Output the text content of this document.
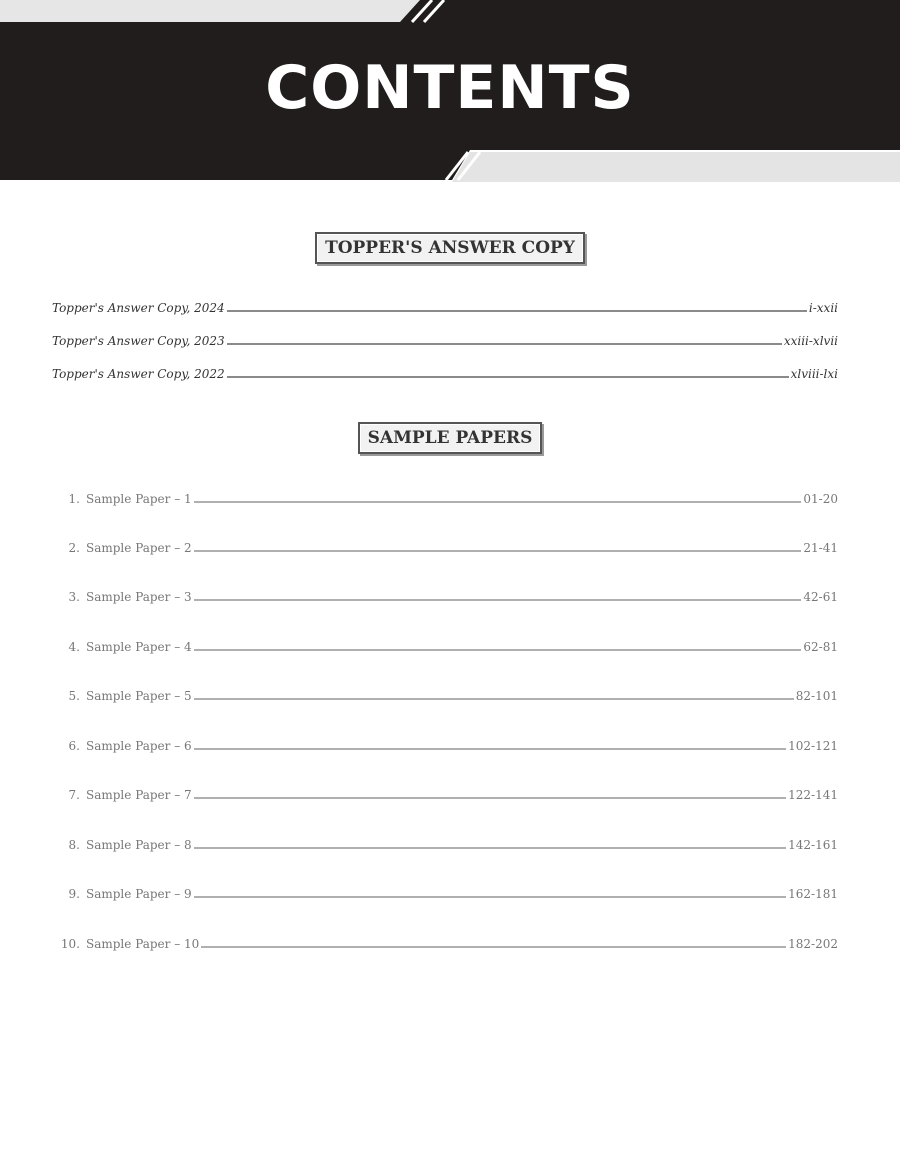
CONTENTS
TOPPER'S ANSWER COPY
Topper's Answer Copy, 2024	i-xxii
Topper's Answer Copy, 2023	xxiii-xlvii
Topper's Answer Copy, 2022	xlviii-lxi
SAMPLE PAPERS
1. Sample Paper – 1	01-20
2. Sample Paper – 2	21-41
3. Sample Paper – 3	42-61
4. Sample Paper – 4	62-81
5. Sample Paper – 5	82-101
6. Sample Paper – 6	102-121
7. Sample Paper – 7	122-141
8. Sample Paper – 8	142-161
9. Sample Paper – 9	162-181
10. Sample Paper – 10	182-202
